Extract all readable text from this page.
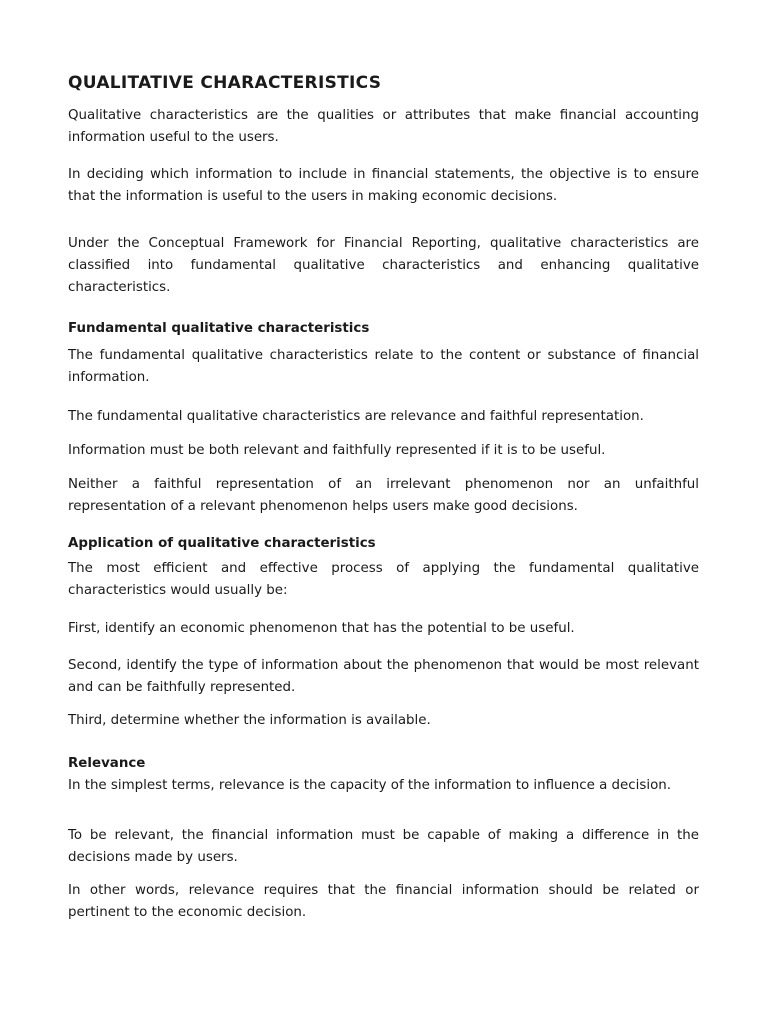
QUALITATIVE CHARACTERISTICS

Qualitative characteristics are the qualities or attributes that make financial accounting information useful to the users.

In deciding which information to include in financial statements, the objective is to ensure that the information is useful to the users in making economic decisions.

Under the Conceptual Framework for Financial Reporting, qualitative characteristics are classified into fundamental qualitative characteristics and enhancing qualitative characteristics.

Fundamental qualitative characteristics

The fundamental qualitative characteristics relate to the content or substance of financial information.

The fundamental qualitative characteristics are relevance and faithful representation.

Information must be both relevant and faithfully represented if it is to be useful.

Neither a faithful representation of an irrelevant phenomenon nor an unfaithful representation of a relevant phenomenon helps users make good decisions.

Application of qualitative characteristics

The most efficient and effective process of applying the fundamental qualitative characteristics would usually be:

First, identify an economic phenomenon that has the potential to be useful.

Second, identify the type of information about the phenomenon that would be most relevant and can be faithfully represented.

Third, determine whether the information is available.

Relevance

In the simplest terms, relevance is the capacity of the information to influence a decision.

To be relevant, the financial information must be capable of making a difference in the decisions made by users.

In other words, relevance requires that the financial information should be related or pertinent to the economic decision.
